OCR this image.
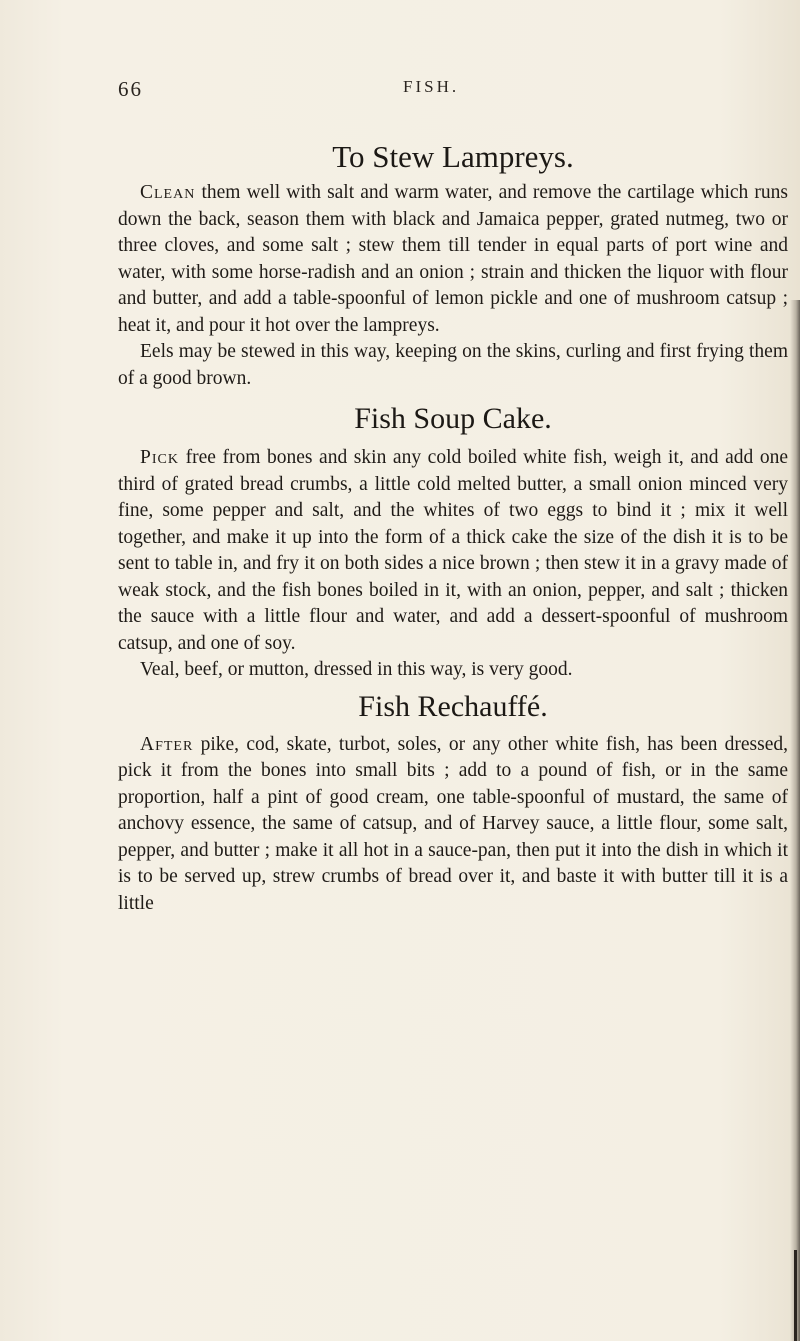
66	FISH.
To Stew Lampreys.

Clean them well with salt and warm water, and remove the cartilage which runs down the back, season them with black and Jamaica pepper, grated nutmeg, two or three cloves, and some salt ; stew them till tender in equal parts of port wine and water, with some horse-radish and an onion ; strain and thicken the liquor with flour and butter, and add a table-spoonful of lemon pickle and one of mushroom catsup ; heat it, and pour it hot over the lampreys.

Eels may be stewed in this way, keeping on the skins, curling and first frying them of a good brown.

Fish Soup Cake.

Pick free from bones and skin any cold boiled white fish, weigh it, and add one third of grated bread crumbs, a little cold melted butter, a small onion minced very fine, some pepper and salt, and the whites of two eggs to bind it ; mix it well together, and make it up into the form of a thick cake the size of the dish it is to be sent to table in, and fry it on both sides a nice brown ; then stew it in a gravy made of weak stock, and the fish bones boiled in it, with an onion, pepper, and salt ; thicken the sauce with a little flour and water, and add a dessert-spoonful of mushroom catsup, and one of soy.

Veal, beef, or mutton, dressed in this way, is very good.

Fish Rechauffé.

After pike, cod, skate, turbot, soles, or any other white fish, has been dressed, pick it from the bones into small bits ; add to a pound of fish, or in the same proportion, half a pint of good cream, one table-spoonful of mustard, the same of anchovy essence, the same of catsup, and of Harvey sauce, a little flour, some salt, pepper, and butter ; make it all hot in a sauce-pan, then put it into the dish in which it is to be served up, strew crumbs of bread over it, and baste it with butter till it is a little
